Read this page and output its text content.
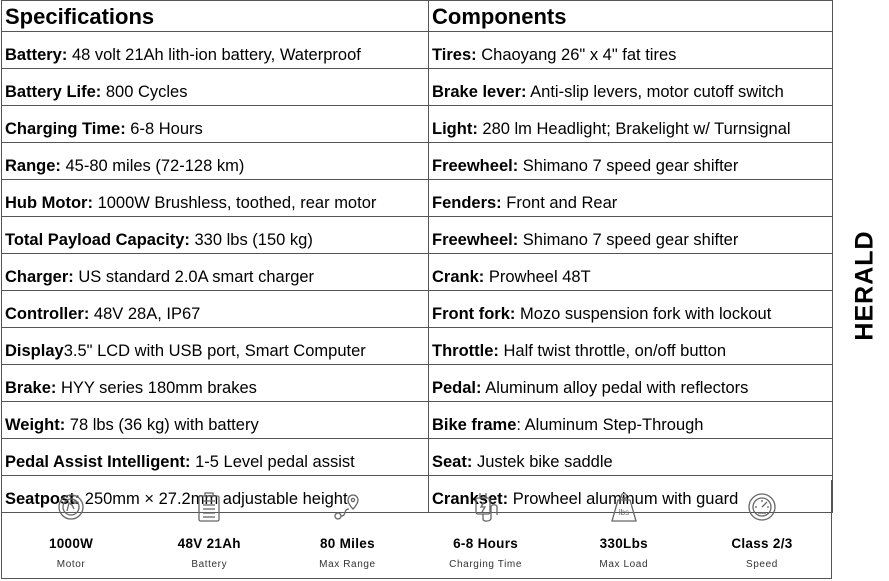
Specifications	Components
Battery: 48 volt 21Ah lith-ion battery, Waterproof	Tires: Chaoyang 26" x 4" fat tires
Battery Life: 800 Cycles	Brake lever: Anti-slip levers, motor cutoff switch
Charging Time: 6-8 Hours	Light: 280 lm Headlight; Brakelight w/ Turnsignal
Range: 45-80 miles (72-128 km)	Freewheel: Shimano 7 speed gear shifter
Hub Motor: 1000W Brushless, toothed, rear motor	Fenders: Front and Rear
Total Payload Capacity: 330 lbs (150 kg)	Freewheel: Shimano 7 speed gear shifter
Charger: US standard 2.0A smart charger	Crank: Prowheel 48T
Controller: 48V 28A, IP67	Front fork: Mozo suspension fork with lockout
Display3.5" LCD with USB port, Smart Computer	Throttle: Half twist throttle, on/off button
Brake: HYY series 180mm brakes	Pedal: Aluminum alloy pedal with reflectors
Weight: 78 lbs (36 kg) with battery	Bike frame: Aluminum Step-Through
Pedal Assist Intelligent: 1-5 Level pedal assist	Seat: Justek bike saddle
Seatpost: 250mm × 27.2mm adjustable height	Crankset: Prowheel aluminum with guard
1000W
Motor
48V 21Ah
Battery
80 Miles
Max Range
6-8 Hours
Charging Time
lbs
330Lbs
Max Load
Class 2/3
Speed
HERALD
